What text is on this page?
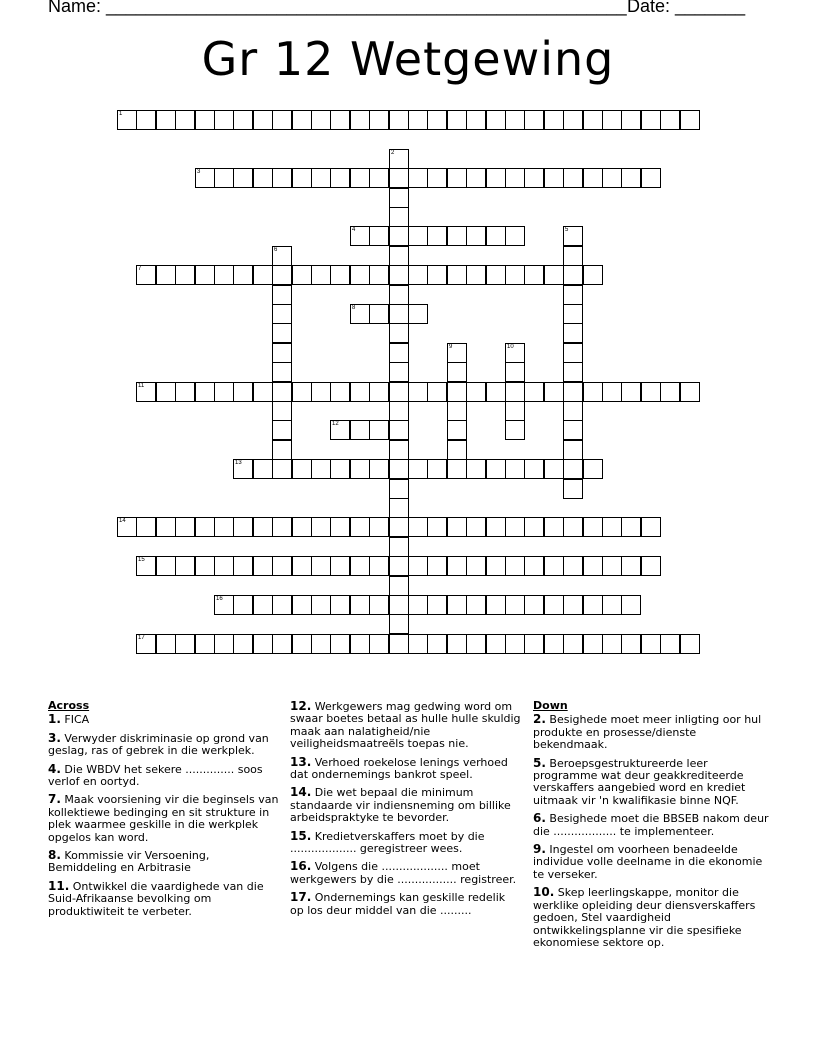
Name: ____________________________________________________ Date: _______
Gr 12 Wetgewing
1
2
3
4	5
6
7
8
9	10
11
12
13
14
15
16
17
Across
1. FICA
3. Verwyder diskriminasie op grond van geslag, ras of gebrek in die werkplek.
4. Die WBDV het sekere .............. soos verlof en oortyd.
7. Maak voorsiening vir die beginsels van kollektiewe bedinging en sit strukture in plek waarmee geskille in die werkplek opgelos kan word.
8. Kommissie vir Versoening, Bemiddeling en Arbitrasie
11. Ontwikkel die vaardighede van die Suid-Afrikaanse bevolking om produktiwiteit te verbeter.
12. Werkgewers mag gedwing word om swaar boetes betaal as hulle hulle skuldig maak aan nalatigheid/nie veiligheidsmaatreëls toepas nie.
13. Verhoed roekelose lenings verhoed dat ondernemings bankrot speel.
14. Die wet bepaal die minimum standaarde vir indiensneming om billike arbeidspraktyke te bevorder.
15. Kredietverskaffers moet by die ................... geregistreer wees.
16. Volgens die ................... moet werkgewers by die ................. registreer.
17. Ondernemings kan geskille redelik op los deur middel van die .........
Down
2. Besighede moet meer inligting oor hul produkte en prosesse/dienste bekendmaak.
5. Beroepsgestruktureerde leer programme wat deur geakkrediteerde verskaffers aangebied word en krediet uitmaak vir 'n kwalifikasie binne NQF.
6. Besighede moet die BBSEB nakom deur die .................. te implementeer.
9. Ingestel om voorheen benadeelde individue volle deelname in die ekonomie te verseker.
10. Skep leerlingskappe, monitor die werklike opleiding deur diensverskaffers gedoen, Stel vaardigheid ontwikkelingsplanne vir die spesifieke ekonomiese sektore op.
